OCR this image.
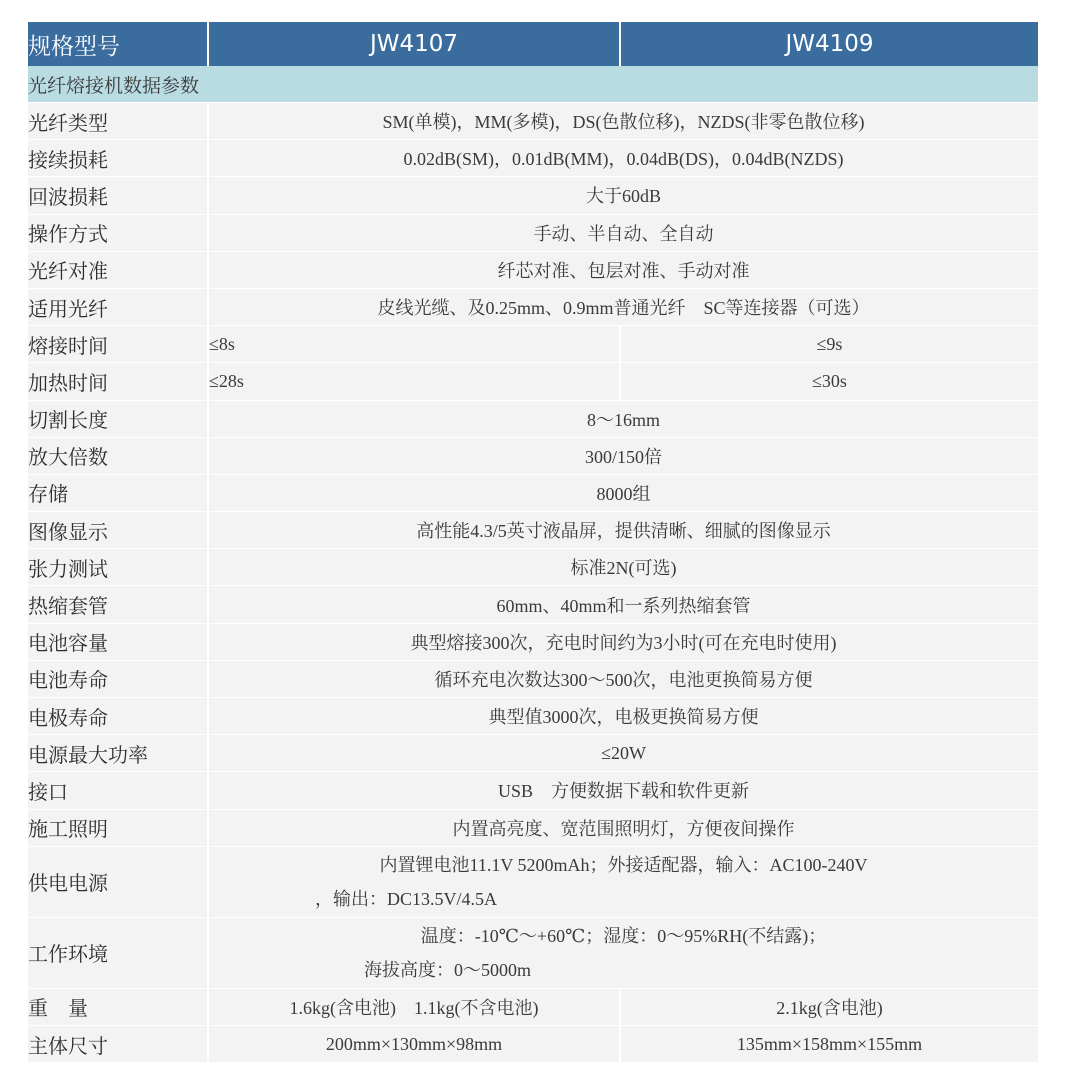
规格型号	JW4107	JW4109
光纤熔接机数据参数		
光纤类型	SM(单模)，MM(多模)，DS(色散位移)，NZDS(非零色散位移)	
接续损耗	0.02dB(SM)，0.01dB(MM)，0.04dB(DS)，0.04dB(NZDS)	
回波损耗	大于60dB	
操作方式	手动、半自动、全自动	
光纤对准	纤芯对准、包层对准、手动对准	
适用光纤	皮线光缆、及0.25mm、0.9mm普通光纤　SC等连接器（可选）	
熔接时间	≤8s	≤9s
加热时间	≤28s	≤30s
切割长度	8～16mm	
放大倍数	300/150倍	
存储	8000组	
图像显示	高性能4.3/5英寸液晶屏，提供清晰、细腻的图像显示	
张力测试	标准2N(可选)	
热缩套管	60mm、40mm和一系列热缩套管	
电池容量	典型熔接300次，充电时间约为3小时(可在充电时使用)	
电池寿命	循环充电次数达300～500次，电池更换简易方便	
电极寿命	典型值3000次，电极更换简易方便	
电源最大功率	≤20W	
接口	USB　方便数据下载和软件更新	
施工照明	内置高亮度、宽范围照明灯，方便夜间操作	
供电电源	内置锂电池11.1V 5200mAh；外接适配器，输入：AC100-240V
，输出：DC13.5V/4.5A	

工作环境	温度：-10℃～+60℃；湿度：0～95%RH(不结露)；
海拔高度：0～5000m	

重　量	1.6kg(含电池)　1.1kg(不含电池)	2.1kg(含电池)
主体尺寸	200mm×130mm×98mm	135mm×158mm×155mm
